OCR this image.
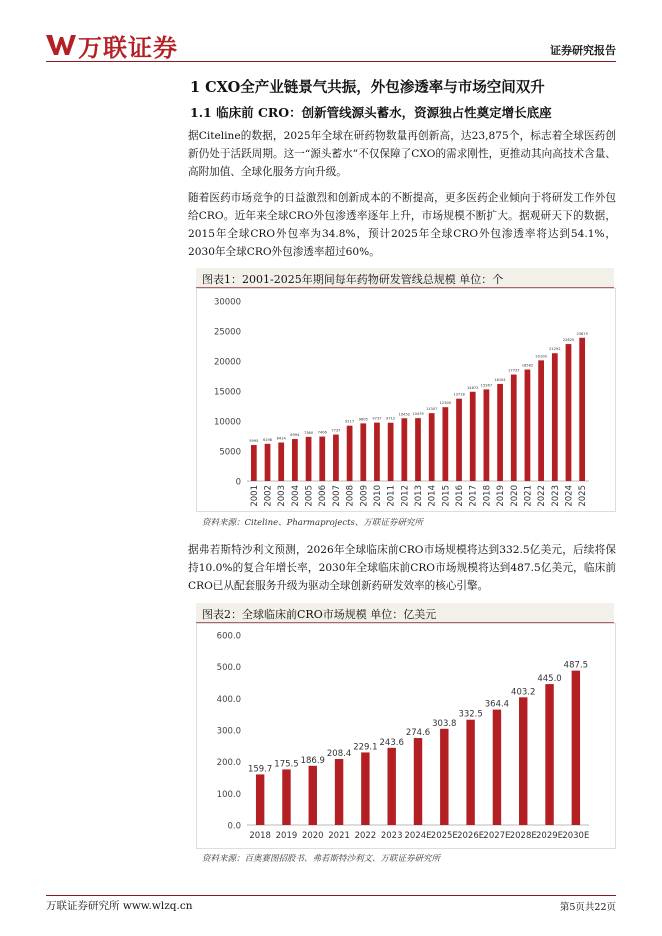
万联证券	证券研究报告
1 CXO全产业链景气共振，外包渗透率与市场空间双升
1.1 临床前 CRO：创新管线源头蓄水，资源独占性奠定增长底座
据Citeline的数据，2025年全球在研药物数量再创新高，达23,875个，标志着全球医药创新仍处于活跃周期。这一“源头蓄水”不仅保障了CXO的需求刚性，更推动其向高技术含量、高附加值、全球化服务方向升级。
随着医药市场竞争的日益激烈和创新成本的不断提高，更多医药企业倾向于将研发工作外包给CRO。近年来全球CRO外包渗透率逐年上升，市场规模不断扩大。据观研天下的数据，2015年全球CRO外包率为34.8%，预计2025年全球CRO外包渗透率将达到54.1%，2030年全球CRO外包渗透率超过60%。
图表1：2001-2025年期间每年药物研发管线总规模 单位：个
0
5000
10000
15000
20000
25000
30000
5995
2001
6198
2002
6414
2003
6994
2004
7360
2005
7406
2006
7737
2007
9217
2008
9605
2009
9737
2010
9712
2011
10452
2012
10479
2013
11307
2014
12300
2015
13718
2016
14872
2017
15267
2018
16181
2019
17737
2020
18582
2021
20109
2022
21292
2023
22825
2024
23875
2025
资料来源：Citeline、Pharmaprojects、万联证券研究所
据弗若斯特沙利文预测，2026年全球临床前CRO市场规模将达到332.5亿美元，后续将保持10.0%的复合年增长率，2030年全球临床前CRO市场规模将达到487.5亿美元，临床前CRO已从配套服务升级为驱动全球创新药研发效率的核心引擎。
图表2：全球临床前CRO市场规模 单位：亿美元
0.0
100.0
200.0
300.0
400.0
500.0
600.0
159.7
2018
175.5
2019
186.9
2020
208.4
2021
229.1
2022
243.6
2023
274.6
2024E
303.8
2025E
332.5
2026E
364.4
2027E
403.2
2028E
445.0
2029E
487.5
2030E
资料来源：百奥赛图招股书、弗若斯特沙利文、万联证券研究所
万联证券研究所 www.wlzq.cn	第5页共22页
